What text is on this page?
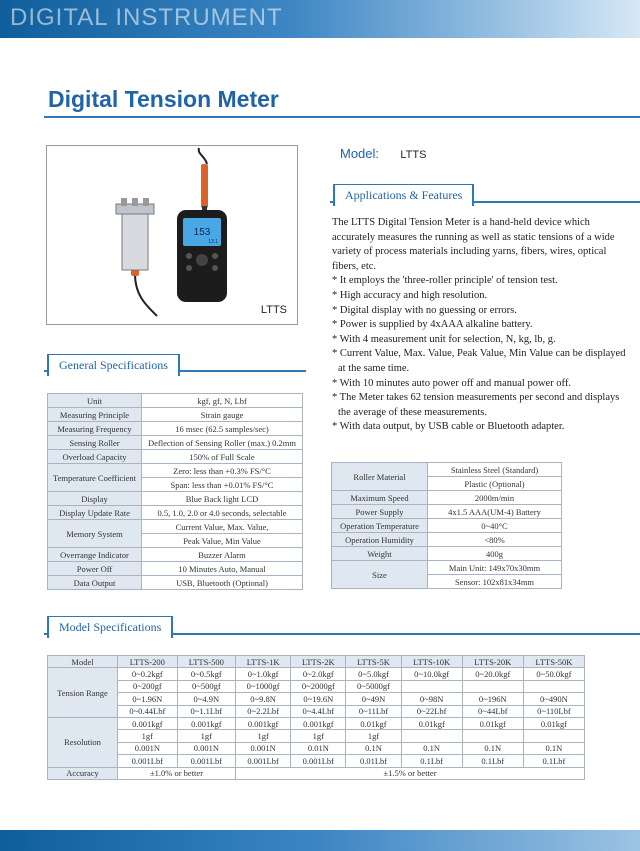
DIGITAL INSTRUMENT
Digital Tension Meter
153
13.1
LTTS
Model: LTTS
Applications & Features

The LTTS Digital Tension Meter is a hand-held device which accurately measures the running as well as static tensions of a wide variety of process materials including yarns, fibers, wires, optical fibers, etc.

* It employs the 'three-roller principle' of tension test.

* High accuracy and high resolution.

* Digital display with no guessing or errors.

* Power is supplied by 4xAAA alkaline battery.

* With 4 measurement unit for selection, N, kg, lb, g.

* Current Value, Max. Value, Peak Value, Min Value can be displayed at the same time.

* With 10 minutes auto power off and manual power off.

* The Meter takes 62 tension measurements per second and displays the average of these measurements.

* With data output, by USB cable or Bluetooth adapter.

General Specifications
Unit	kgf, gf, N, Lbf
Measuring Principle	Strain gauge
Measuring Frequency	16 msec (62.5 samples/sec)
Sensing Roller	Deflection of Sensing Roller (max.) 0.2mm
Overload Capacity	150% of Full Scale
Temperature Coefficient	Zero: less than +0.3% FS/°C
	Span: less than +0.01% FS/°C
Display	Blue Back light LCD
Display Update Rate	0.5, 1.0, 2.0 or 4.0 seconds, selectable
Memory System	Current Value, Max. Value,
	Peak Value, Min Value
Overrange Indicator	Buzzer Alarm
Power Off	10 Minutes Auto, Manual
Data Output	USB, Bluetooth (Optional)
Roller Material	Stainless Steel (Standard)
	Plastic (Optional)
Maximum Speed	2000m/min
Power Supply	4x1.5 AAA(UM-4) Battery
Operation Temperature	0~40°C
Operation Humidity	<80%
Weight	400g
Size	Main Unit: 149x70x30mm
	Sensor: 102x81x34mm
Model Specifications
Model	LTTS-200	LTTS-500	LTTS-1K	LTTS-2K	LTTS-5K	LTTS-10K	LTTS-20K	LTTS-50K
Tension Range	0~0.2kgf	0~0.5kgf	0~1.0kgf	0~2.0kgf	0~5.0kgf	0~10.0kgf	0~20.0kgf	0~50.0kgf
	0~200gf	0~500gf	0~1000gf	0~2000gf	0~5000gf			
	0~1.96N	0~4.9N	0~9.8N	0~19.6N	0~49N	0~98N	0~196N	0~490N
	0~0.44Lbf	0~1.1Lbf	0~2.2Lbf	0~4.4Lbf	0~11Lbf	0~22Lbf	0~44Lbf	0~110Lbf
Resolution	0.001kgf	0.001kgf	0.001kgf	0.001kgf	0.01kgf	0.01kgf	0.01kgf	0.01kgf
	1gf	1gf	1gf	1gf	1gf			
	0.001N	0.001N	0.001N	0.01N	0.1N	0.1N	0.1N	0.1N
	0.001Lbf	0.001Lbf	0.001Lbf	0.001Lbf	0.01Lbf	0.1Lbf	0.1Lbf	0.1Lbf
Accuracy	±1.0% or better		±1.5% or better					
